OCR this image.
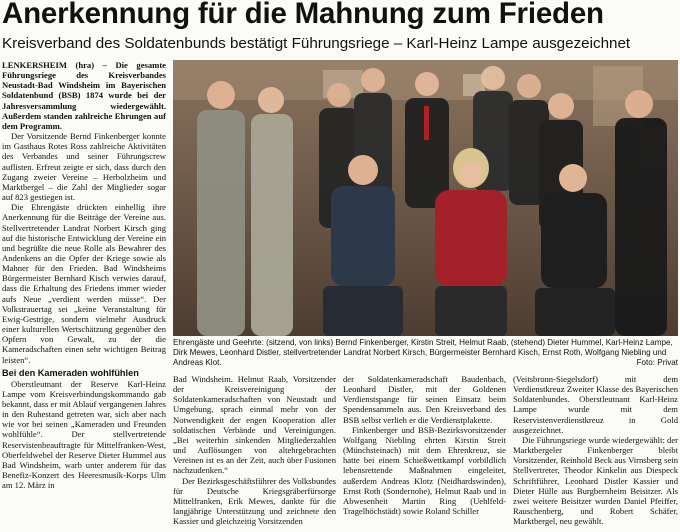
Anerkennung für die Mahnung zum Frieden
Kreisverband des Soldatenbunds bestätigt Führungsriege – Karl-Heinz Lampe ausgezeichnet

LENKERSHEIM (hra) – Die gesamte Führungsriege des Kreisverbandes Neustadt-Bad Windsheim im Bayerischen Soldatenbund (BSB) 1874 wurde bei der Jahresversammlung wiedergewählt. Außerdem standen zahlreiche Ehrungen auf dem Programm.

Der Vorsitzende Bernd Finkenberger konnte im Gasthaus Rotes Ross zahlreiche Aktivitäten des Verbandes und seiner Führungscrew auflisten. Erfreut zeigte er sich, dass durch den Zugang zweier Vereine – Herbolzheim und Marktbergel – die Zahl der Mitglieder sogar auf 823 gestiegen ist.

Die Ehrengäste drückten einhellig ihre Anerkennung für die Beiträge der Vereine aus. Stellvertretender Landrat Norbert Kirsch ging auf die historische Entwicklung der Vereine ein und begrüßte die neue Rolle als Bewahrer des Andenkens an die Opfer der Kriege sowie als Mahner für den Frieden. Bad Windsheims Bürgermeister Bernhard Kisch verwies darauf, dass die Erhaltung des Friedens immer wieder aufs Neue „verdient werden müsse“. Der Volkstrauertag sei „keine Veranstaltung für Ewig-Gestrige, sondern vielmehr Ausdruck einer kulturellen Wertschätzung gegenüber den Opfern von Gewalt, zu der die Kameradschaften einen sehr wichtigen Beitrag leisten“.

Bei den Kameraden wohlfühlen

Oberstleutnant der Reserve Karl-Heinz Lampe vom Kreisverbindungskommando gab bekannt, dass er mit Ablauf vergangenen Jahres in den Ruhestand getreten war, sich aber nach wie vor bei seinen „Kameraden und Freunden wohlfühle“. Der stellvertretende Reservistenbeauftragte für Mittelfranken-West, Oberfeldwebel der Reserve Dieter Hummel aus Bad Windsheim, warb unter anderem für das Benefiz-Konzert des Heeresmusik-Korps Ulm am 12. März in

Ehrengäste und Geehrte: (sitzend, von links) Bernd Finkenberger, Kirstin Streit, Helmut Raab, (stehend) Dieter Hummel, Karl-Heinz Lampe, Dirk Mewes, Leonhard Distler, stellvertretender Landrat Norbert Kirsch, Bürgermeister Bernhard Kisch, Ernst Roth, Wolfgang Niebling und Andreas Klot.	Foto: Privat

Bad Windsheim. Helmut Raab, Vorsitzender der Kreisvereinigung der Soldatenkameradschaften von Neustadt und Umgebung, sprach einmal mehr von der Notwendigkeit der engen Kooperation aller soldatischen Verbände und Vereinigungen. „Bei weiterhin sinkenden Mitgliederzahlen und Auflösungen von altehrgebrachten Vereinen ist es an der Zeit, auch über Fusionen nachzudenken.“

Der Bezirksgeschäftsführer des Volksbundes für Deutsche Kriegsgräberfürsorge Mittelfranken, Erik Mewes, dankte für die langjährige Unterstützung und zeichnete den Kassier und gleichzeitig Vorsitzenden

der Soldatenkameradschaft Baudenbach, Leonhard Distler, mit der Goldenen Verdienstspange für seinen Einsatz beim Spendensammeln aus. Den Kreisverband des BSB selbst verlieh er die Verdienstplakette.

Finkenberger und BSB-Bezirksvorsitzender Wolfgang Niebling ehrten Kirstin Streit (Münchsteinach) mit dem Ehrenkreuz, sie hatte bei einem Schießwettkampf vorbildlich lebensrettende Maßnahmen eingeleitet, außerdem Andreas Klotz (Neidhardswinden), Ernst Roth (Sondernohe), Helmut Raab und in Abwesenheit Martin Ring (Uehlfeld-Tragelhöchstädt) sowie Roland Schiller

(Veitsbronn-Siegelsdorf) mit dem Verdienstkreuz Zweiter Klasse des Bayerischen Soldatenbundes. Oberstleutnant Karl-Heinz Lampe wurde mit dem Reservistenverdienstkreuz in Gold ausgezeichnet.

Die Führungsriege wurde wiedergewählt: der Marktbergeler Finkenberger bleibt Vorsitzender, Reinhold Beck aus Virnsberg sein Stellvertreter, Theodor Kinkelin aus Diespeck Schriftführer, Leonhard Distler Kassier und Dieter Hülle aus Burgbernheim Beisitzer. Als zwei weitere Beisitzer wurden Daniel Pfeiffer, Rauschenberg, und Robert Schäfer, Marktbergel, neu gewählt.
